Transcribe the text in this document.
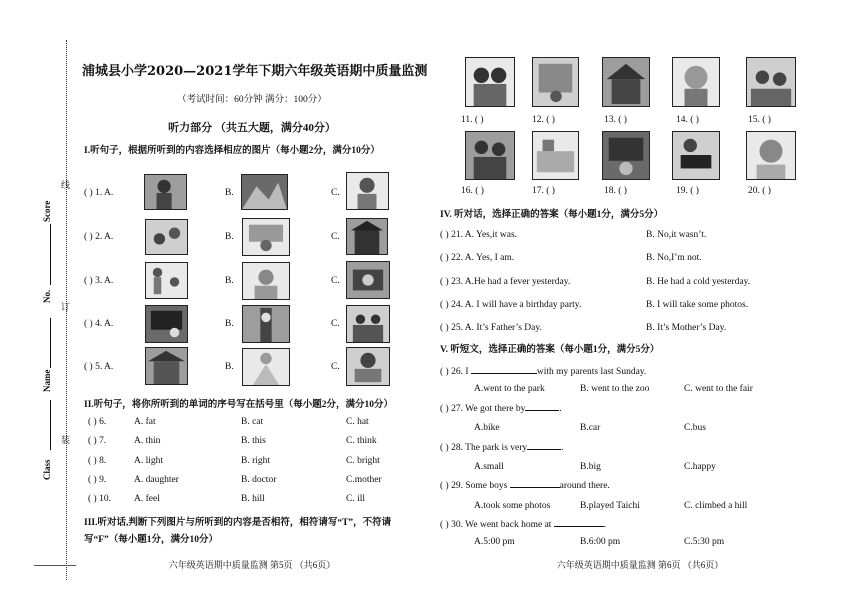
线
订
装
Score
No.
Name
Class
浦城县小学2020—2021学年下期六年级英语期中质量监测
（考试时间：60分钟 满分：100分）
听力部分 （共五大题，满分40分）
I.听句子，根据所听到的内容选择相应的图片（每小题2分，满分10分）
( ) 1. A.	B.	C.
( ) 2. A.	B.	C.
( ) 3. A.	B.	C.
( ) 4. A.	B.	C.
( ) 5. A.	B.	C.
II.听句子，将你所听到的单词的序号写在括号里（每小题2分，满分10分）
( ) 6.	A. fat	B. cat	C. hat
( ) 7.	A. thin	B. this	C. think
( ) 8.	A. light	B. right	C. bright
( ) 9.	A. daughter	B. doctor	C.mother
( ) 10. A. feel	B. hill	C. ill
III.听对话,判断下列图片与所听到的内容是否相符，相符请写“T”，不符请
写“F”（每小题1分，满分10分）
六年级英语期中质量监测 第5页 （共6页）
11. ( )	12. ( )	13. ( )	14. ( )	15. ( )
16. ( )	17. ( )	18. ( )	19. ( )	20. ( )
IV. 听对话，选择正确的答案（每小题1分，满分5分）
( ) 21. A. Yes,it was.	B. No,it wasn’t.
( ) 22. A. Yes, I am.	B. No,I’m not.
( ) 23. A.He had a fever yesterday.	B. He had a cold yesterday.
( ) 24. A. I will have a birthday party.	B. I will take some photos.
( ) 25. A. It’s Father’s Day.	B. It’s Mother’s Day.
V. 听短文，选择正确的答案（每小题1分，满分5分）
( ) 26. I	with my parents last Sunday.
A.went to the park	B. went to the zoo	C. went to the fair
( ) 27. We got there by	.
A.bike	B.car	C.bus
( ) 28. The park is very	.
A.small	B.big	C.happy
( ) 29. Some boys	around there.
A.took some photos	B.played Taichi	C. climbed a hill
( ) 30. We went back home at	.
A.5:00 pm	B.6:00 pm	C.5:30 pm
六年级英语期中质量监测 第6页 （共6页）
